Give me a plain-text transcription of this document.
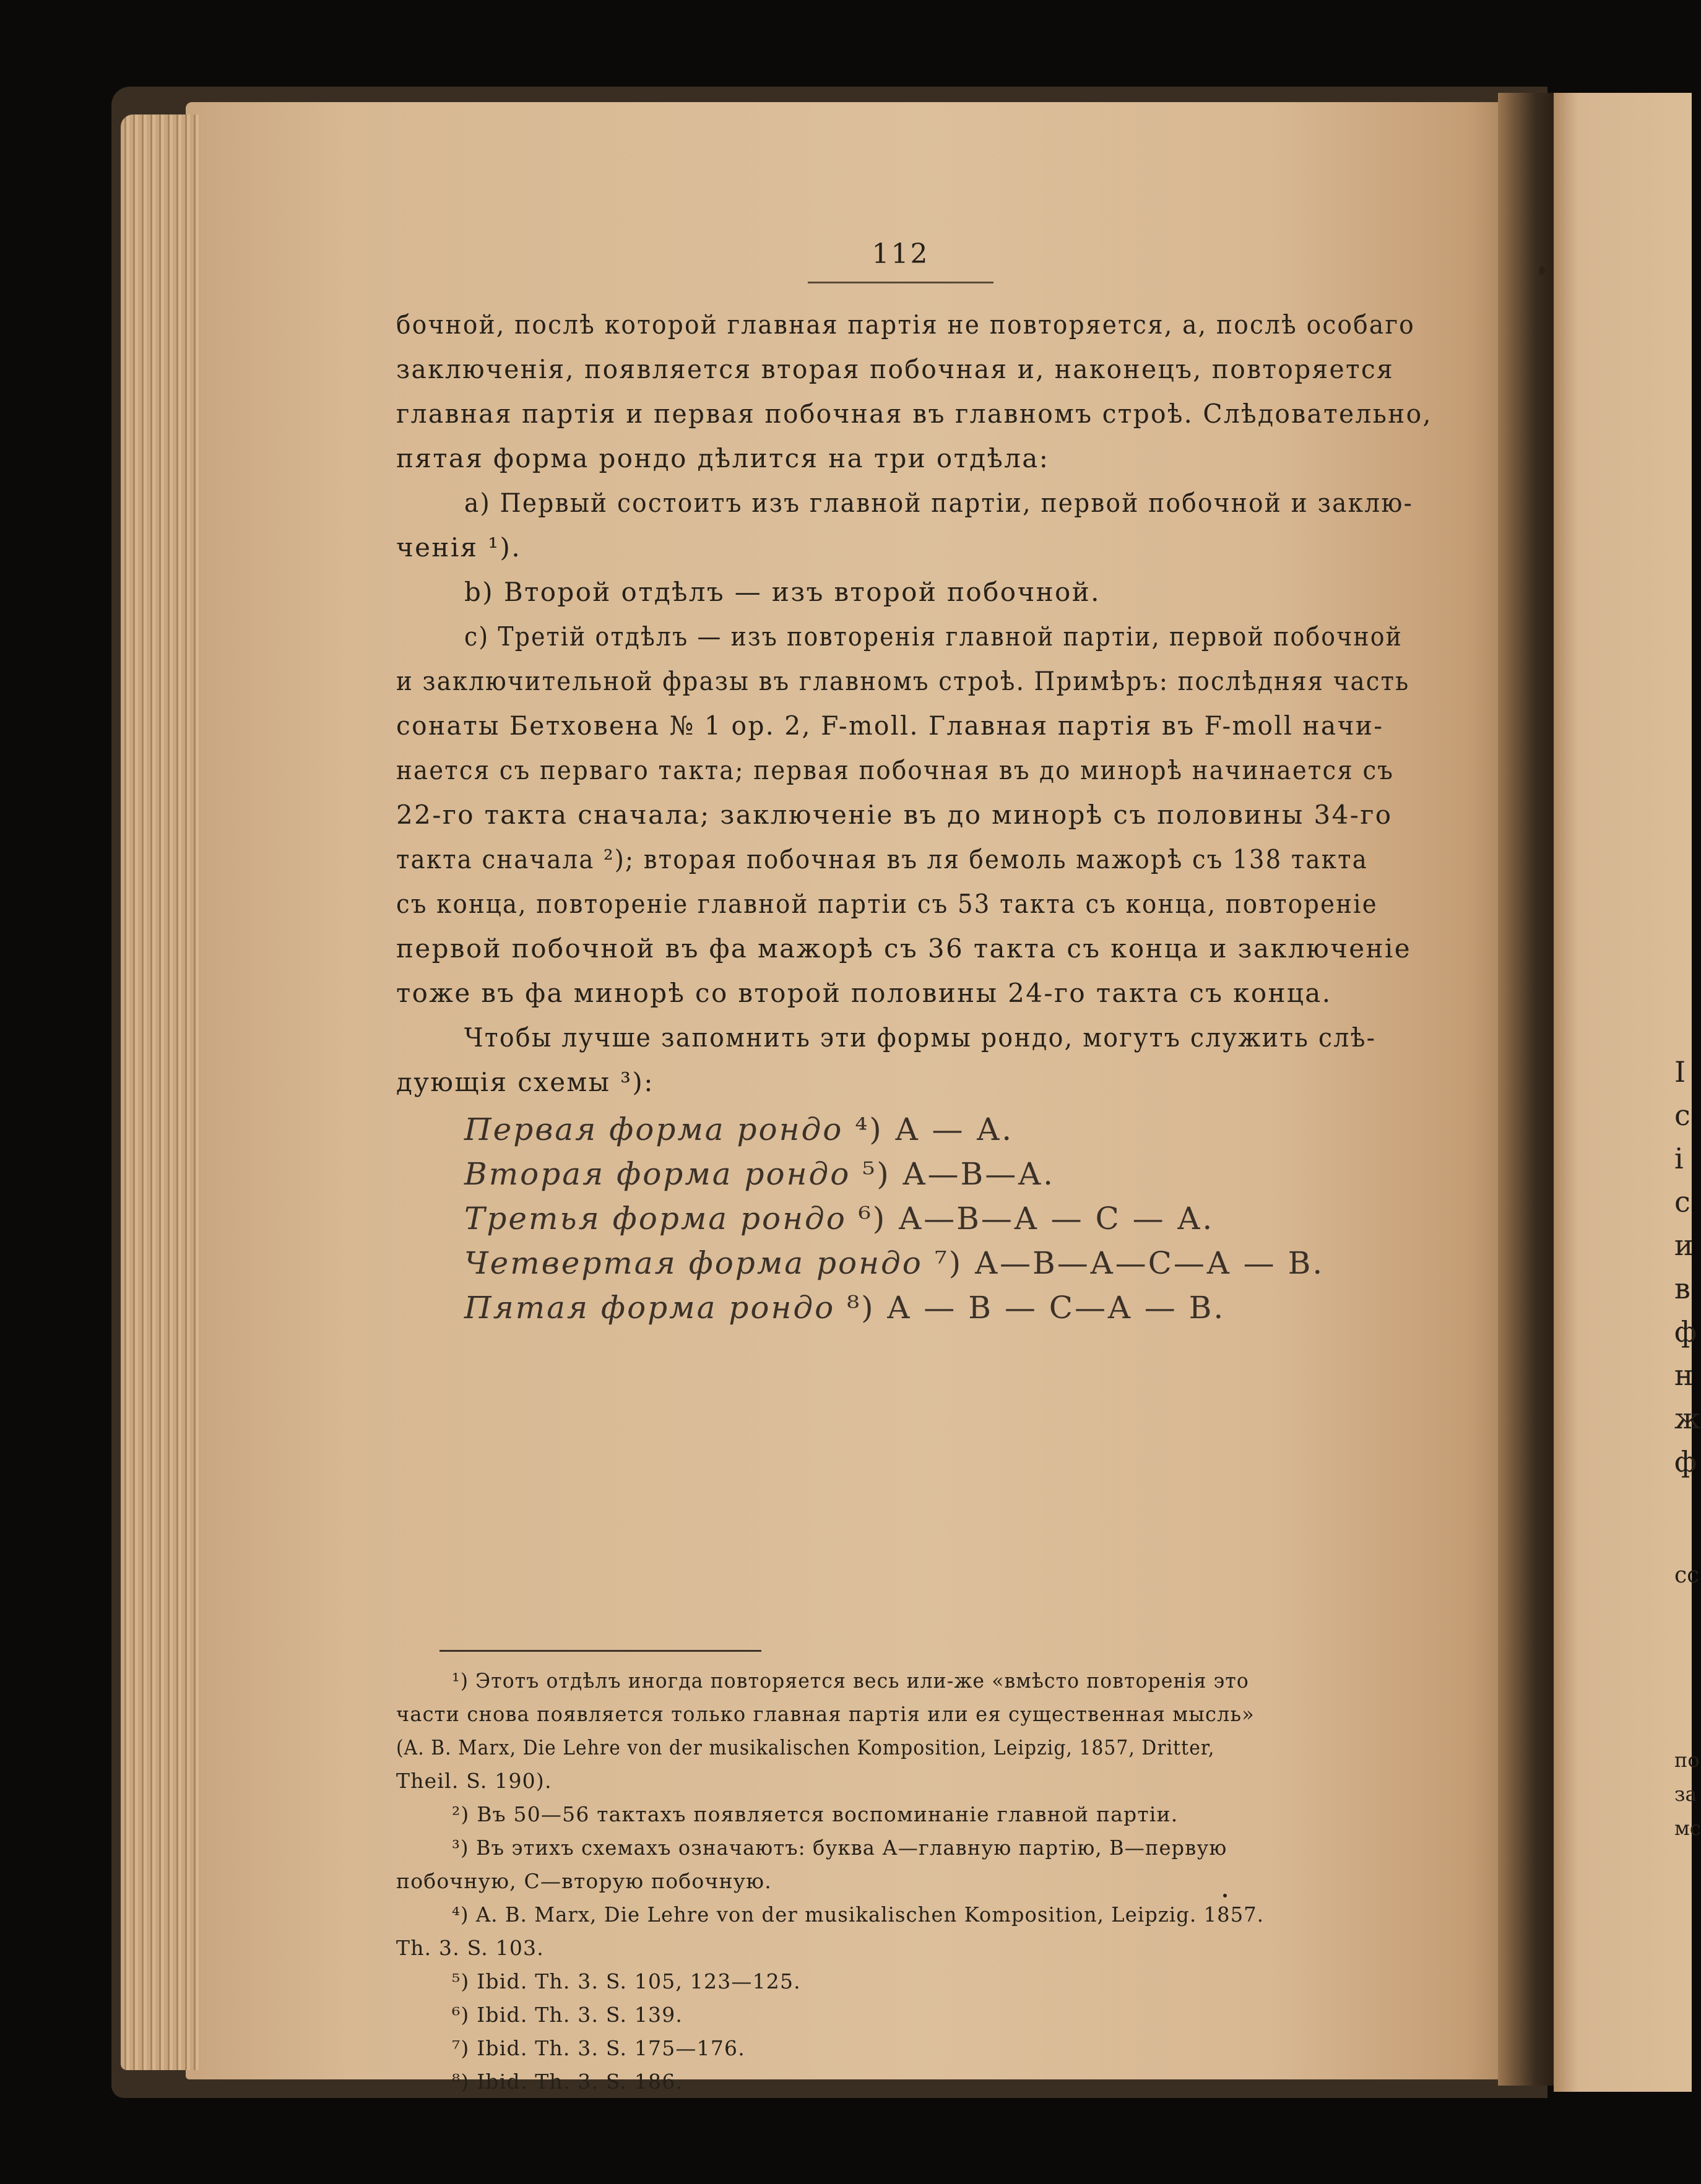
112
бочной, послѣ которой главная партія не повторяется, а, послѣ особаго
заключенія, появляется вторая побочная и, наконецъ, повторяется
главная партія и первая побочная въ главномъ строѣ. Слѣдовательно,
пятая форма рондо дѣлится на три отдѣла:
а) Первый состоитъ изъ главной партіи, первой побочной и заклю-
ченія ¹).
b) Второй отдѣлъ — изъ второй побочной.
с) Третій отдѣлъ — изъ повторенія главной партіи, первой побочной
и заключительной фразы въ главномъ строѣ. Примѣръ: послѣдняя часть
сонаты Бетховена № 1 op. 2, F-moll. Главная партія въ F-moll начи-
нается съ перваго такта; первая побочная въ до минорѣ начинается съ
22-го такта сначала; заключеніе въ до минорѣ съ половины 34-го
такта сначала ²); вторая побочная въ ля бемоль мажорѣ съ 138 такта
съ конца, повтореніе главной партіи съ 53 такта съ конца, повтореніе
первой побочной въ фа мажорѣ съ 36 такта съ конца и заключеніе
тоже въ фа минорѣ со второй половины 24-го такта съ конца.
Чтобы лучше запомнить эти формы рондо, могутъ служить слѣ-
дующія схемы ³):
Первая форма рондо ⁴) А — А.
Вторая форма рондо ⁵) А—В—А.
Третья форма рондо ⁶) А—В—А — С — А.
Четвертая форма рондо ⁷) А—В—А—С—А — В.
Пятая форма рондо ⁸) А — В — С—А — В.
¹) Этотъ отдѣлъ иногда повторяется весь или-же «вмѣсто повторенія это
части снова появляется только главная партія или ея существенная мысль»
(A. B. Marx, Die Lehre von der musikalischen Komposition, Leipzig, 1857, Dritter,
Theil. S. 190).
²) Въ 50—56 тактахъ появляется воспоминаніе главной партіи.
³) Въ этихъ схемахъ означаютъ: буква А—главную партію, В—первую
побочную, С—вторую побочную.
⁴) A. B. Marx, Die Lehre von der musikalischen Komposition, Leipzig. 1857.
Th. 3. S. 103.
⁵) Ibid. Th. 3. S. 105, 123—125.
⁶) Ibid. Th. 3. S. 139.
⁷) Ibid. Th. 3. S. 175—176.
⁸) Ibid. Th. 3. S. 186.
І
с
і
с
и
в
ф
н
ж
ф
сс
по
за
мс
